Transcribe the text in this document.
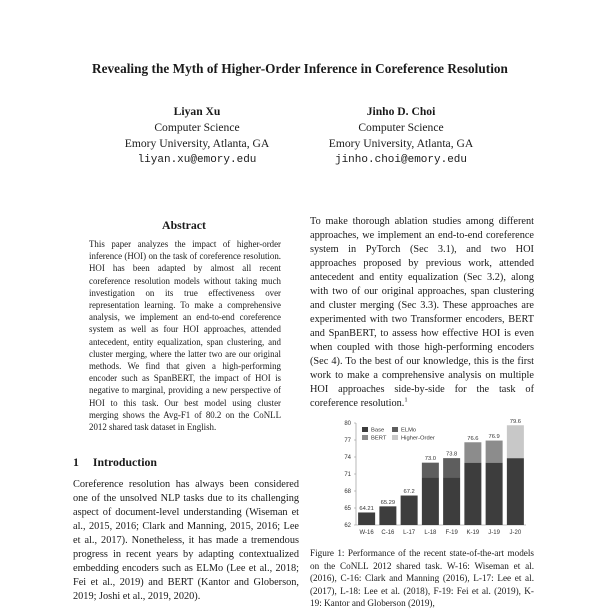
Revealing the Myth of Higher-Order Inference in Coreference Resolution
Liyan Xu
Computer Science
Emory University, Atlanta, GA
liyan.xu@emory.edu
Jinho D. Choi
Computer Science
Emory University, Atlanta, GA
jinho.choi@emory.edu
Abstract
This paper analyzes the impact of higher-order inference (HOI) on the task of coreference resolution. HOI has been adapted by almost all recent coreference resolution models without taking much investigation on its true effectiveness over representation learning. To make a comprehensive analysis, we implement an end-to-end coreference system as well as four HOI approaches, attended antecedent, entity equalization, span clustering, and cluster merging, where the latter two are our original methods. We find that given a high-performing encoder such as SpanBERT, the impact of HOI is negative to marginal, providing a new perspective of HOI to this task. Our best model using cluster merging shows the Avg-F1 of 80.2 on the CoNLL 2012 shared task dataset in English.
1 Introduction
Coreference resolution has always been considered one of the unsolved NLP tasks due to its challenging aspect of document-level understanding (Wiseman et al., 2015, 2016; Clark and Manning, 2015, 2016; Lee et al., 2017). Nonetheless, it has made a tremendous progress in recent years by adapting contextualized embedding encoders such as ELMo (Lee et al., 2018; Fei et al., 2019) and BERT (Kantor and Globerson, 2019; Joshi et al., 2019, 2020).
To make thorough ablation studies among different approaches, we implement an end-to-end coreference system in PyTorch (Sec 3.1), and two HOI approaches proposed by previous work, attended antecedent and entity equalization (Sec 3.2), along with two of our original approaches, span clustering and cluster merging (Sec 3.3). These approaches are experimented with two Transformer encoders, BERT and SpanBERT, to assess how effective HOI is even when coupled with those high-performing encoders (Sec 4). To the best of our knowledge, this is the first work to make a comprehensive analysis on multiple HOI approaches side-by-side for the task of coreference resolution.$^1$
62
65
68
71
74
77
80
64.21
W-16
65.29
C-16
67.2
L-17
73.0
L-18
73.8
F-19
76.6
K-19
76.9
J-19
79.6
J-20
Base
BERT
ELMo
Higher-Order
Figure 1: Performance of the recent state-of-the-art models on the CoNLL 2012 shared task. W-16: Wiseman et al. (2016), C-16: Clark and Manning (2016), L-17: Lee et al. (2017), L-18: Lee et al. (2018), F-19: Fei et al. (2019), K-19: Kantor and Globerson (2019),
